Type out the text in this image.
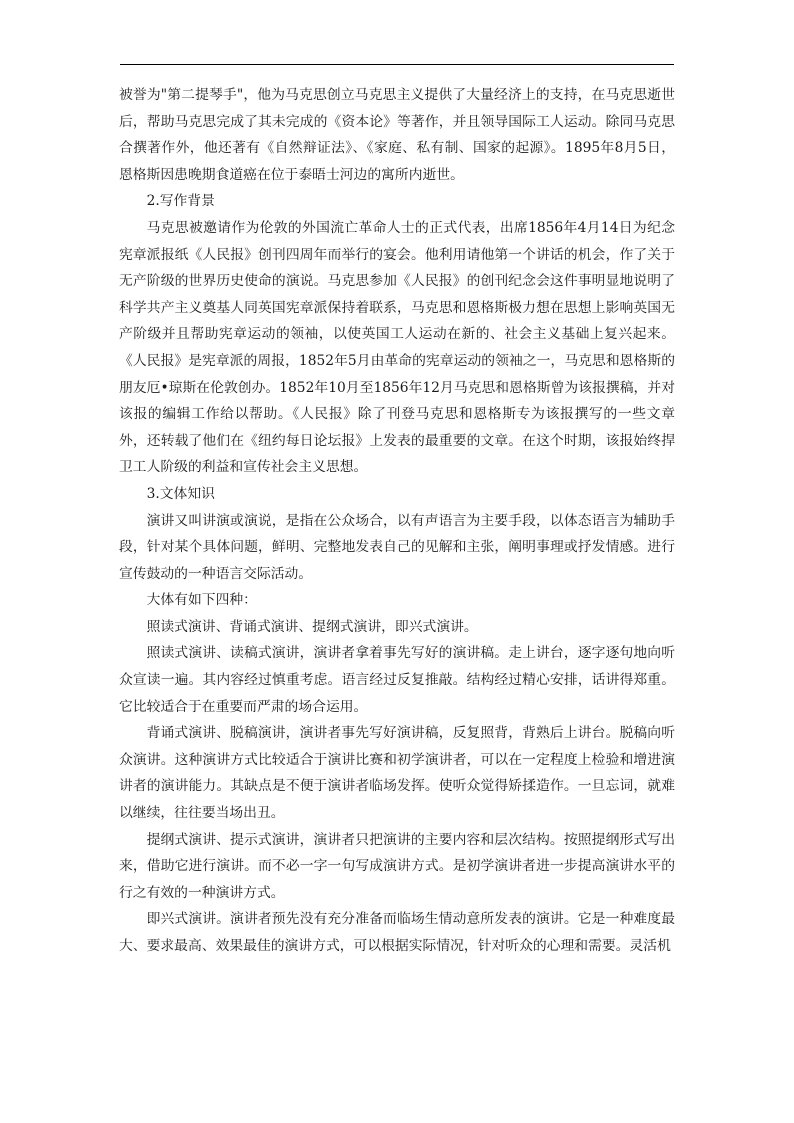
被誉为"第二提琴手"，他为马克思创立马克思主义提供了大量经济上的支持，在马克思逝世后，帮助马克思完成了其未完成的《资本论》等著作，并且领导国际工人运动。除同马克思合撰著作外，他还著有《自然辩证法》、《家庭、私有制、国家的起源》。1895年8月5日，恩格斯因患晚期食道癌在位于泰晤士河边的寓所内逝世。

2.写作背景

马克思被邀请作为伦敦的外国流亡革命人士的正式代表，出席1856年4月14日为纪念宪章派报纸《人民报》创刊四周年而举行的宴会。他利用请他第一个讲话的机会，作了关于无产阶级的世界历史使命的演说。马克思参加《人民报》的创刊纪念会这件事明显地说明了科学共产主义奠基人同英国宪章派保持着联系，马克思和恩格斯极力想在思想上影响英国无产阶级并且帮助宪章运动的领袖，以使英国工人运动在新的、社会主义基础上复兴起来。《人民报》是宪章派的周报，1852年5月由革命的宪章运动的领袖之一，马克思和恩格斯的朋友厄•琼斯在伦敦创办。1852年10月至1856年12月马克思和恩格斯曾为该报撰稿，并对该报的编辑工作给以帮助。《人民报》除了刊登马克思和恩格斯专为该报撰写的一些文章外，还转载了他们在《纽约每日论坛报》上发表的最重要的文章。在这个时期，该报始终捍卫工人阶级的利益和宣传社会主义思想。

3.文体知识

演讲又叫讲演或演说，是指在公众场合，以有声语言为主要手段，以体态语言为辅助手段，针对某个具体问题，鲜明、完整地发表自己的见解和主张，阐明事理或抒发情感。进行宣传鼓动的一种语言交际活动。

大体有如下四种：

照读式演讲、背诵式演讲、提纲式演讲，即兴式演讲。

照读式演讲、读稿式演讲，演讲者拿着事先写好的演讲稿。走上讲台，逐字逐句地向听众宣读一遍。其内容经过慎重考虑。语言经过反复推敲。结构经过精心安排，话讲得郑重。它比较适合于在重要而严肃的场合运用。

背诵式演讲、脱稿演讲，演讲者事先写好演讲稿，反复照背，背熟后上讲台。脱稿向听众演讲。这种演讲方式比较适合于演讲比赛和初学演讲者，可以在一定程度上检验和增进演讲者的演讲能力。其缺点是不便于演讲者临场发挥。使听众觉得矫揉造作。一旦忘词，就难以继续，往往要当场出丑。

提纲式演讲、提示式演讲，演讲者只把演讲的主要内容和层次结构。按照提纲形式写出来，借助它进行演讲。而不必一字一句写成演讲方式。是初学演讲者进一步提高演讲水平的行之有效的一种演讲方式。

即兴式演讲。演讲者预先没有充分准备而临场生情动意所发表的演讲。它是一种难度最大、要求最高、效果最佳的演讲方式，可以根据实际情况，针对听众的心理和需要。灵活机
